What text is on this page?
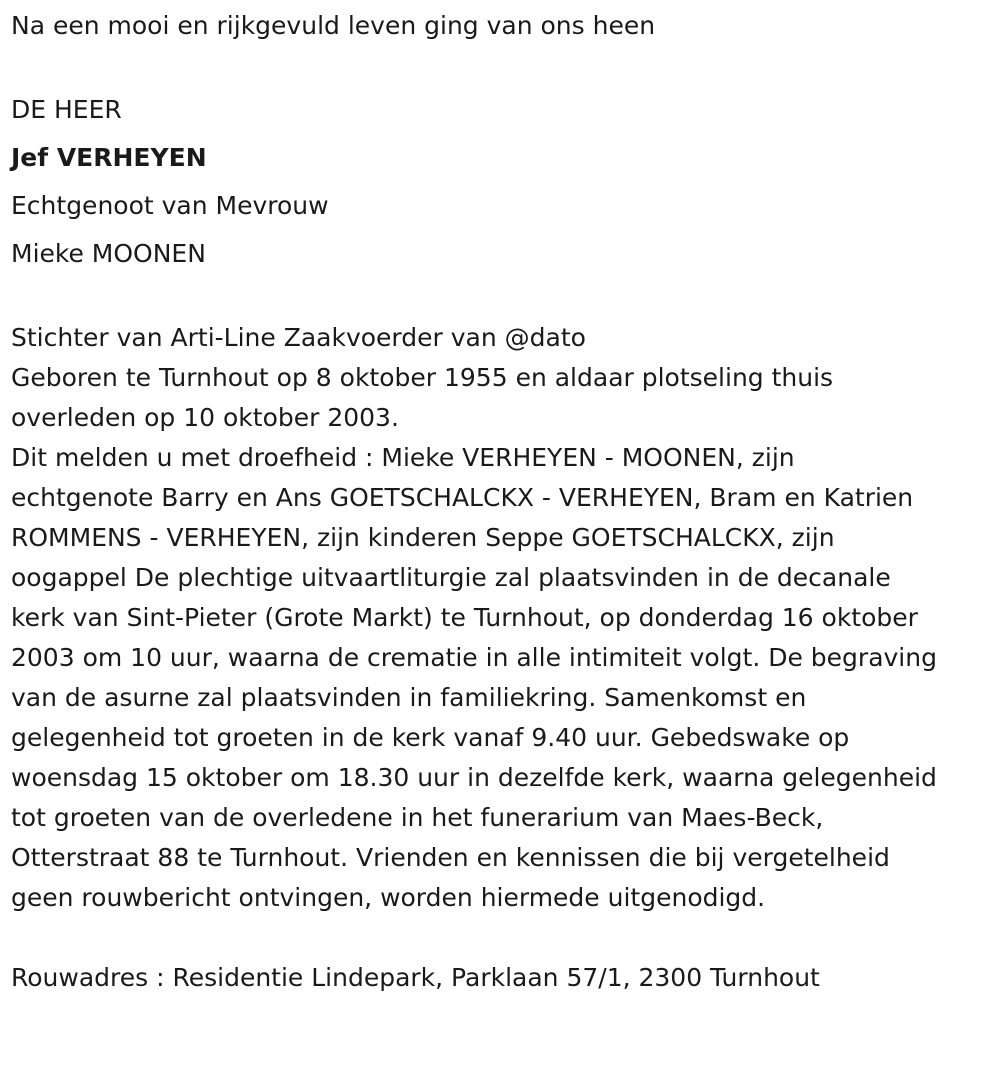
Na een mooi en rijkgevuld leven ging van ons heen

DE HEER

Jef VERHEYEN

Echtgenoot van Mevrouw

Mieke MOONEN

Stichter van Arti-Line Zaakvoerder van @dato

Geboren te Turnhout op 8 oktober 1955 en aldaar plotseling thuis
overleden op 10 oktober 2003.
Dit melden u met droefheid : Mieke VERHEYEN - MOONEN, zijn
echtgenote Barry en Ans GOETSCHALCKX - VERHEYEN, Bram en Katrien
ROMMENS - VERHEYEN, zijn kinderen Seppe GOETSCHALCKX, zijn
oogappel De plechtige uitvaartliturgie zal plaatsvinden in de decanale
kerk van Sint-Pieter (Grote Markt) te Turnhout, op donderdag 16 oktober
2003 om 10 uur, waarna de crematie in alle intimiteit volgt. De begraving
van de asurne zal plaatsvinden in familiekring. Samenkomst en
gelegenheid tot groeten in de kerk vanaf 9.40 uur. Gebedswake op
woensdag 15 oktober om 18.30 uur in dezelfde kerk, waarna gelegenheid
tot groeten van de overledene in het funerarium van Maes-Beck,
Otterstraat 88 te Turnhout. Vrienden en kennissen die bij vergetelheid
geen rouwbericht ontvingen, worden hiermede uitgenodigd.

Rouwadres : Residentie Lindepark, Parklaan 57/1, 2300 Turnhout
